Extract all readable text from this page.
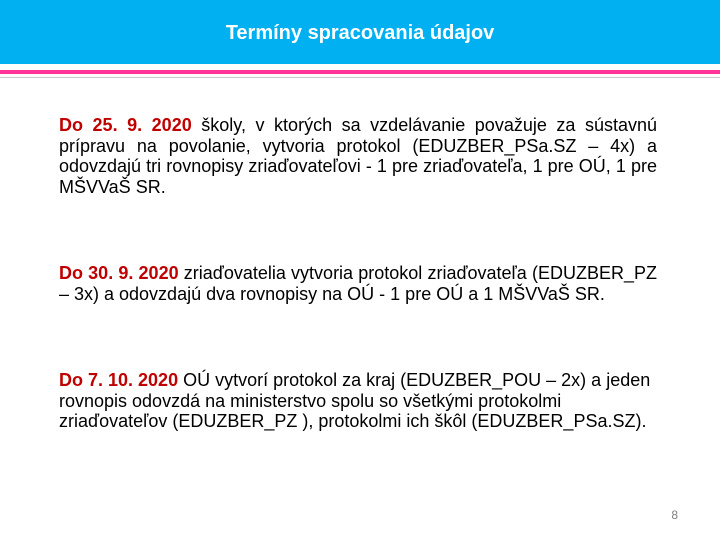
Termíny spracovania údajov

Do 25. 9. 2020 školy, v ktorých sa vzdelávanie považuje za sústavnú prípravu na povolanie, vytvoria protokol (EDUZBER_PSa.SZ – 4x) a odovzdajú tri rovnopisy zriaďovateľovi - 1 pre zriaďovateľa, 1 pre OÚ, 1 pre MŠVVaŠ SR.

Do 30. 9. 2020 zriaďovatelia vytvoria protokol zriaďovateľa (EDUZBER_PZ – 3x) a odovzdajú dva rovnopisy na OÚ - 1 pre OÚ a 1 MŠVVaŠ SR.

Do 7. 10. 2020 OÚ vytvorí protokol za kraj (EDUZBER_POU – 2x) a jeden rovnopis odovzdá na ministerstvo spolu so všetkými protokolmi zriaďovateľov (EDUZBER_PZ ), protokolmi ich škôl (EDUZBER_PSa.SZ).

8
